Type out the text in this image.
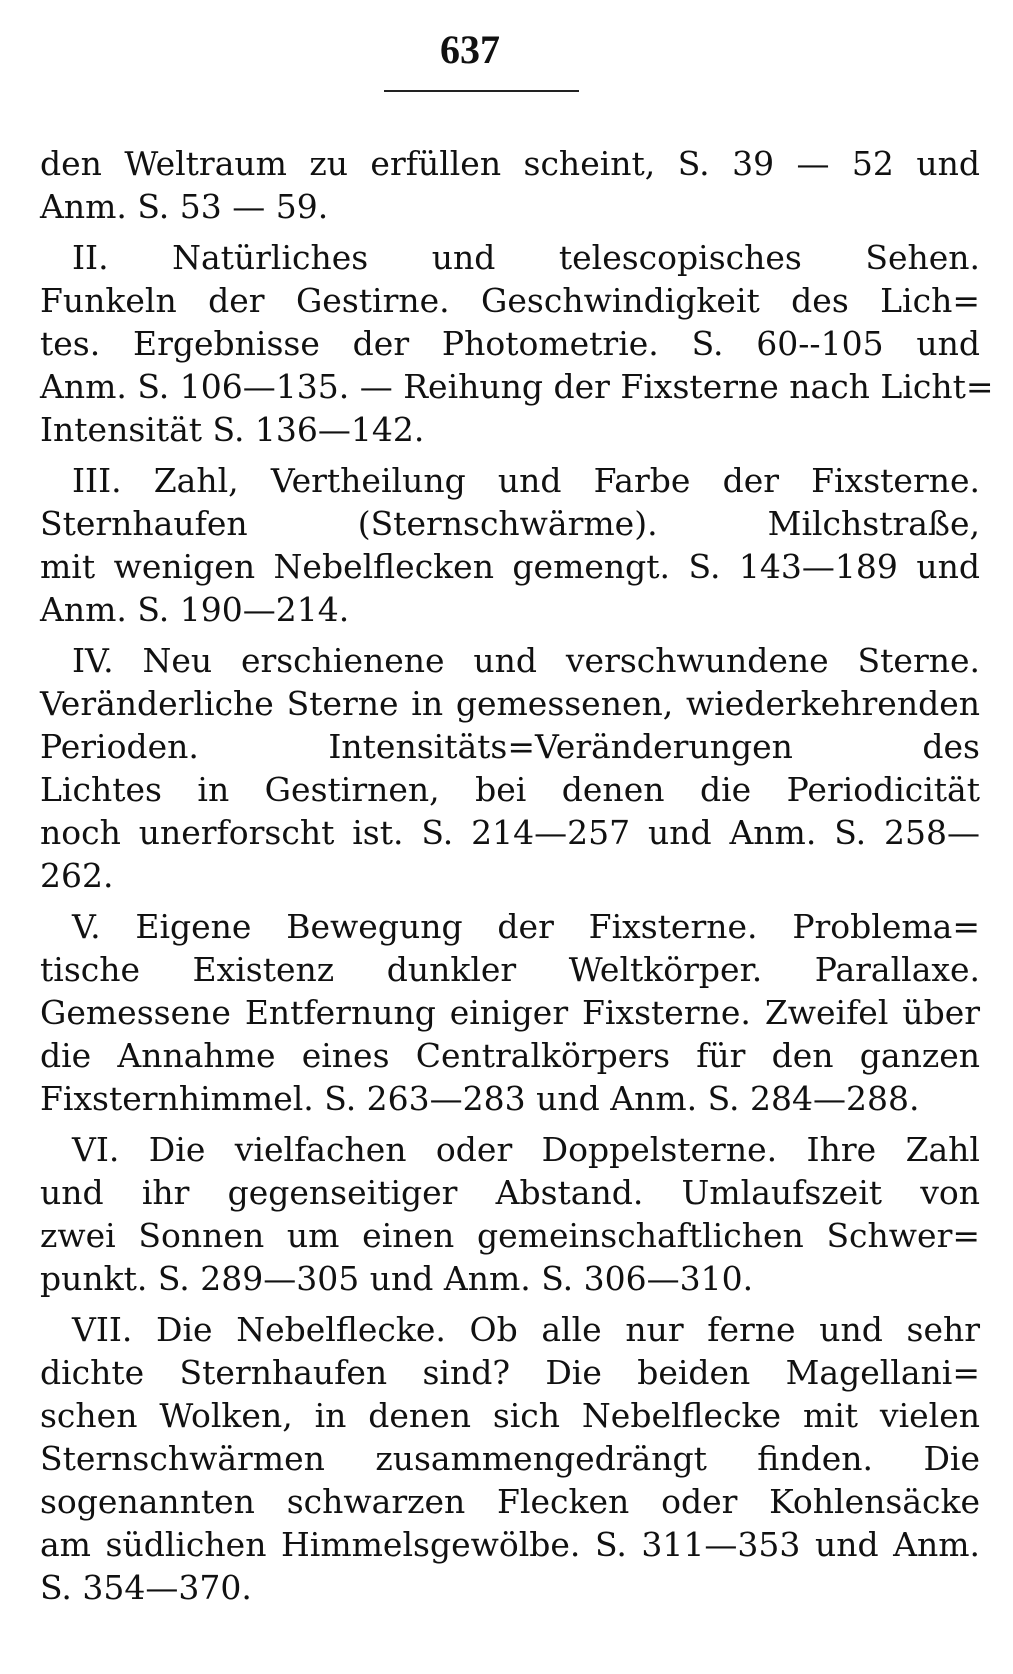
637
den Weltraum zu erfüllen scheint, S. 39 — 52 und
Anm. S. 53 — 59.
II. Natürliches und telescopisches Sehen.
Funkeln der Gestirne. Geschwindigkeit des Lich=
tes. Ergebnisse der Photometrie. S. 60--105 und
Anm. S. 106—135. — Reihung der Fixsterne nach Licht=
Intensität S. 136—142.
III. Zahl, Vertheilung und Farbe der Fixsterne.
Sternhaufen (Sternschwärme). Milchstraße,
mit wenigen Nebelflecken gemengt. S. 143—189 und
Anm. S. 190—214.
IV. Neu erschienene und verschwundene Sterne.
Veränderliche Sterne in gemessenen, wiederkehrenden
Perioden. Intensitäts=Veränderungen des
Lichtes in Gestirnen, bei denen die Periodicität
noch unerforscht ist. S. 214—257 und Anm. S. 258—
262.
V. Eigene Bewegung der Fixsterne. Problema=
tische Existenz dunkler Weltkörper. Parallaxe.
Gemessene Entfernung einiger Fixsterne. Zweifel über
die Annahme eines Centralkörpers für den ganzen
Fixsternhimmel. S. 263—283 und Anm. S. 284—288.
VI. Die vielfachen oder Doppelsterne. Ihre Zahl
und ihr gegenseitiger Abstand. Umlaufszeit von
zwei Sonnen um einen gemeinschaftlichen Schwer=
punkt. S. 289—305 und Anm. S. 306—310.
VII. Die Nebelflecke. Ob alle nur ferne und sehr
dichte Sternhaufen sind? Die beiden Magellani=
schen Wolken, in denen sich Nebelflecke mit vielen
Sternschwärmen zusammengedrängt finden. Die
sogenannten schwarzen Flecken oder Kohlensäcke
am südlichen Himmelsgewölbe. S. 311—353 und Anm.
S. 354—370.
